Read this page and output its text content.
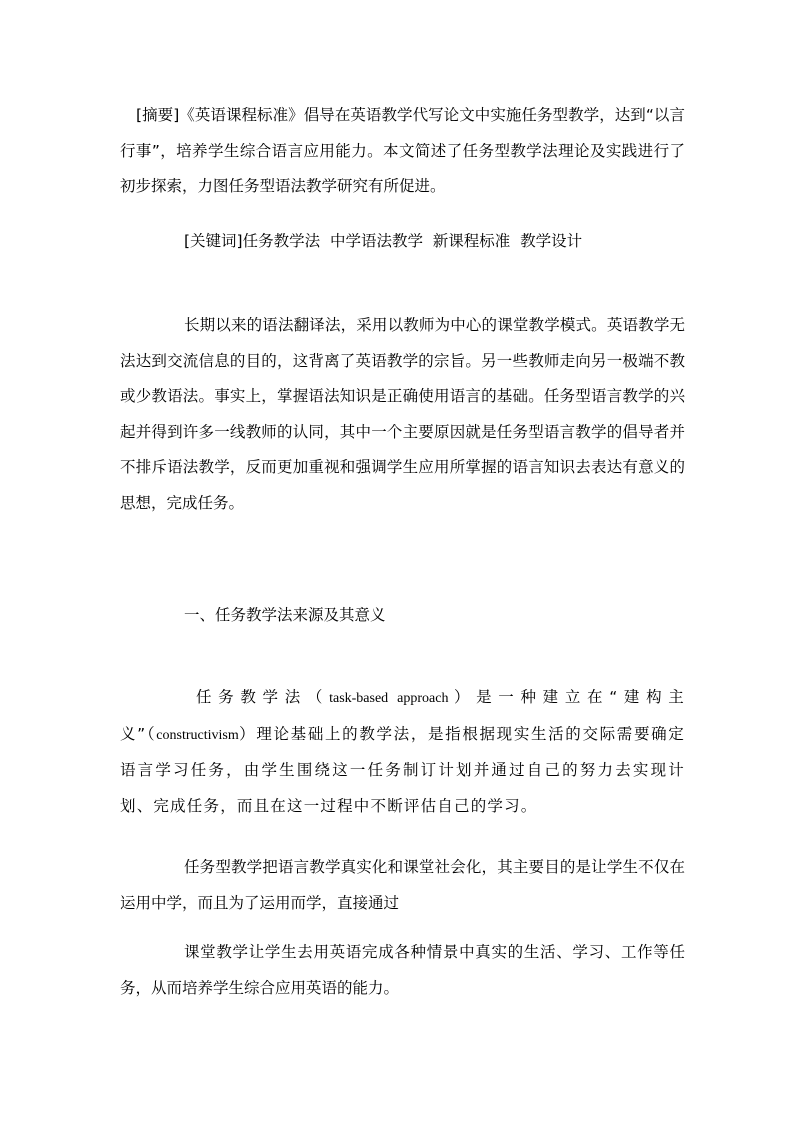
[摘要]《英语课程标准》倡导在英语教学代写论文中实施任务型教学，达到“以言行事”，培养学生综合语言应用能力。本文简述了任务型教学法理论及实践进行了初步探索，力图任务型语法教学研究有所促进。

[关键词]任务教学法  中学语法教学  新课程标准  教学设计

长期以来的语法翻译法，采用以教师为中心的课堂教学模式。英语教学无法达到交流信息的目的，这背离了英语教学的宗旨。另一些教师走向另一极端不教或少教语法。事实上，掌握语法知识是正确使用语言的基础。任务型语言教学的兴起并得到许多一线教师的认同，其中一个主要原因就是任务型语言教学的倡导者并不排斥语法教学，反而更加重视和强调学生应用所掌握的语言知识去表达有意义的思想，完成任务。

一、任务教学法来源及其意义

任务教学法（task-based approach）是一种建立在“建构主义”（constructivism）理论基础上的教学法，是指根据现实生活的交际需要确定语言学习任务，由学生围绕这一任务制订计划并通过自己的努力去实现计划、完成任务，而且在这一过程中不断评估自己的学习。

任务型教学把语言教学真实化和课堂社会化，其主要目的是让学生不仅在运用中学，而且为了运用而学，直接通过

课堂教学让学生去用英语完成各种情景中真实的生活、学习、工作等任务，从而培养学生综合应用英语的能力。
